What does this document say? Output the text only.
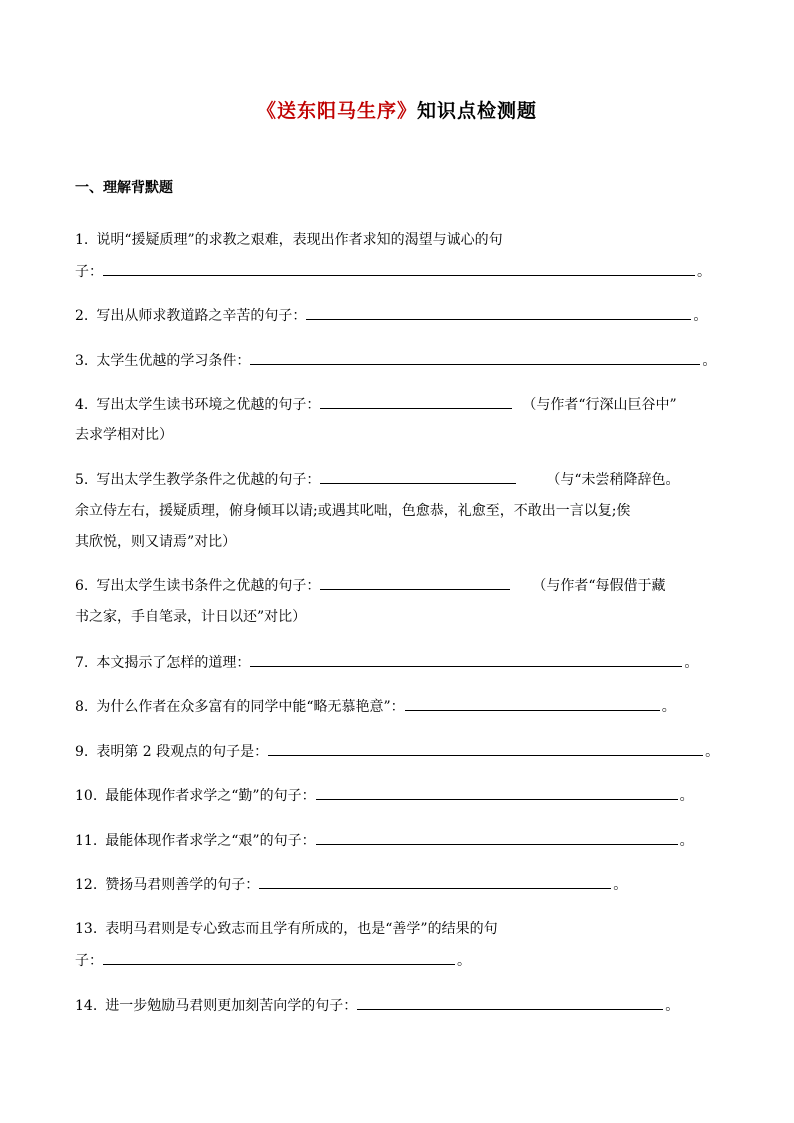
《送东阳马生序》知识点检测题
一、理解背默题
1. 说明“援疑质理”的求教之艰难，表现出作者求知的渴望与诚心的句
子：	。
2. 写出从师求教道路之辛苦的句子：	。
3. 太学生优越的学习条件：	。
4. 写出太学生读书环境之优越的句子：	（与作者“行深山巨谷中”
去求学相对比）
5. 写出太学生教学条件之优越的句子：	（与“未尝稍降辞色。
余立侍左右，援疑质理，俯身倾耳以请;或遇其叱咄，色愈恭，礼愈至，不敢出一言以复;俟
其欣悦，则又请焉”对比）
6. 写出太学生读书条件之优越的句子：	（与作者“每假借于藏
书之家，手自笔录，计日以还”对比）
7. 本文揭示了怎样的道理：	。
8. 为什么作者在众多富有的同学中能“略无慕艳意”：	。
9. 表明第 2 段观点的句子是：	。
10. 最能体现作者求学之“勤”的句子：	。
11. 最能体现作者求学之“艰”的句子：	。
12. 赞扬马君则善学的句子：	。
13. 表明马君则是专心致志而且学有所成的，也是“善学”的结果的句
子：	。
14. 进一步勉励马君则更加刻苦向学的句子：	。
